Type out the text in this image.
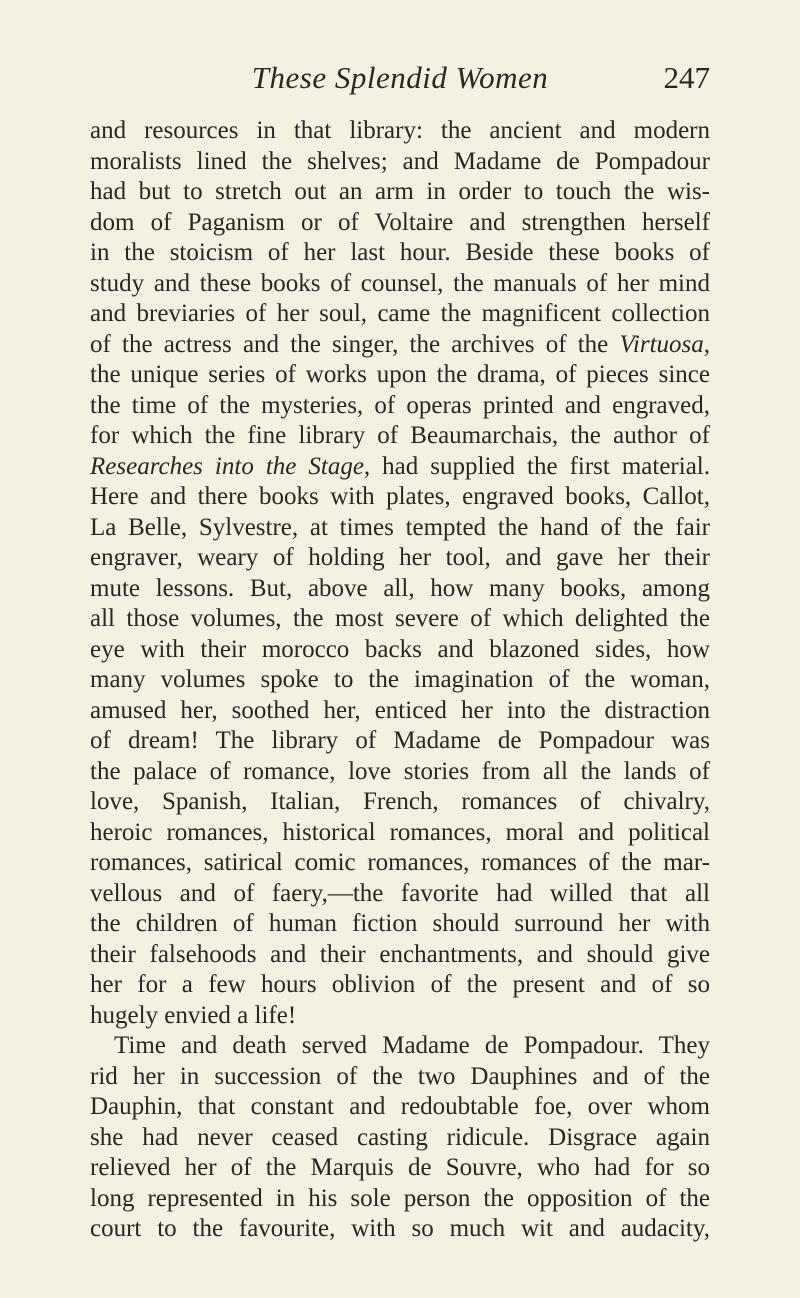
These Splendid Women	247
and resources in that library: the ancient and modern
moralists lined the shelves; and Madame de Pompadour
had but to stretch out an arm in order to touch the wis-
dom of Paganism or of Voltaire and strengthen herself
in the stoicism of her last hour. Beside these books of
study and these books of counsel, the manuals of her mind
and breviaries of her soul, came the magnificent collection
of the actress and the singer, the archives of the Virtuosa,
the unique series of works upon the drama, of pieces since
the time of the mysteries, of operas printed and engraved,
for which the fine library of Beaumarchais, the author of
Researches into the Stage, had supplied the first material.
Here and there books with plates, engraved books, Callot,
La Belle, Sylvestre, at times tempted the hand of the fair
engraver, weary of holding her tool, and gave her their
mute lessons. But, above all, how many books, among
all those volumes, the most severe of which delighted the
eye with their morocco backs and blazoned sides, how
many volumes spoke to the imagination of the woman,
amused her, soothed her, enticed her into the distraction
of dream! The library of Madame de Pompadour was
the palace of romance, love stories from all the lands of
love, Spanish, Italian, French, romances of chivalry,
heroic romances, historical romances, moral and political
romances, satirical comic romances, romances of the mar-
vellous and of faery,—the favorite had willed that all
the children of human fiction should surround her with
their falsehoods and their enchantments, and should give
her for a few hours oblivion of the present and of so
hugely envied a life!
Time and death served Madame de Pompadour. They
rid her in succession of the two Dauphines and of the
Dauphin, that constant and redoubtable foe, over whom
she had never ceased casting ridicule. Disgrace again
relieved her of the Marquis de Souvre, who had for so
long represented in his sole person the opposition of the
court to the favourite, with so much wit and audacity,
